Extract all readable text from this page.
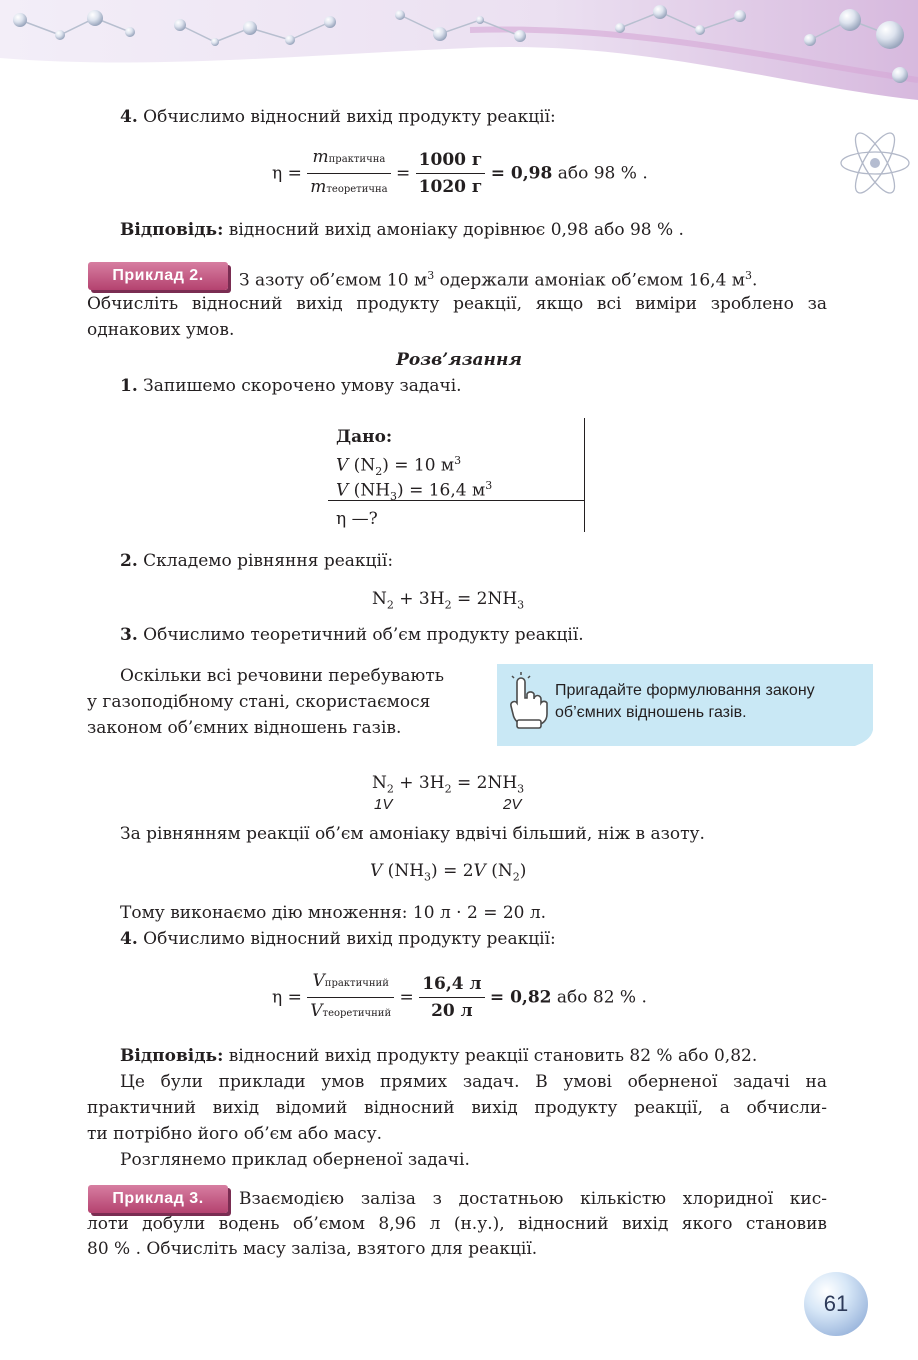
4. Обчислимо відносний вихід продукту реакції:
$\eta = \frac{\text{mпрактична}}{\text{mтеоретична}} = \frac{1000 г}{1020 г} = 0,98$ або 98 % .
Відповідь: відносний вихід амоніаку дорівнює 0,98 або 98 % .
Приклад 2.	З азоту об’ємом 10 $м^3$ одержали амоніак об’ємом 16,4 $м^3$.
Обчисліть відносний вихід продукту реакції, якщо всі виміри зроблено за
однакових умов.
Розв’язання
1. Запишемо скорочено умову задачі.
Дано:
V $(N_2) = 10$ $м^3$
V $(NH_3) = 16,4$ $м^3$
η —?
2. Складемо рівняння реакції:
$N_2 + 3H_2 = 2NH_3$
3. Обчислимо теоретичний об’єм продукту реакції.
Оскільки всі речовини перебувають
у газоподібному стані, скористаємося
законом об’ємних відношень газів.
Пригадайте формулювання закону
об’ємних відношень газів.
$N_2 + 3H_2 = 2NH_3$
1V	2V
За рівнянням реакції об’єм амоніаку вдвічі більший, ніж в азоту.
V $(NH_3) = 2V$ $(N_2)$
Тому виконаємо дію множення: 10 л · 2 = 20 л.
4. Обчислимо відносний вихід продукту реакції:
$\eta = \frac{\text{Vпрактичний}}{\text{Vтеоретичний}} = \frac{16,4 л}{20 л} = 0,82$ або 82 % .
Відповідь: відносний вихід продукту реакції становить 82 % або 0,82.
Це були приклади умов прямих задач. В умові оберненої задачі на
практичний вихід відомий відносний вихід продукту реакції, а обчисли-
ти потрібно його об’єм або масу.
Розглянемо приклад оберненої задачі.
Приклад 3.	Взаємодією заліза з достатньою кількістю хлоридної кис-
лоти добули водень об’ємом 8,96 л (н.у.), відносний вихід якого становив
80 % . Обчисліть масу заліза, взятого для реакції.
61
